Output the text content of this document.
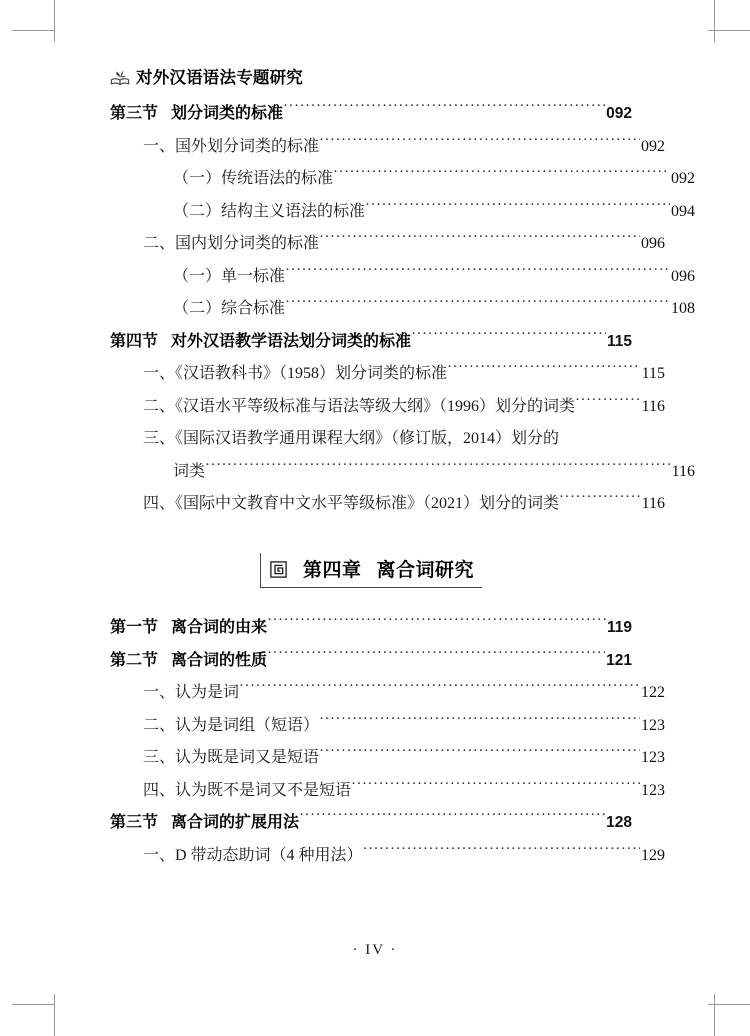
对外汉语语法专题研究
第三节 划分词类的标准 ·····	092
一、国外划分词类的标准 ·····	092
（一）传统语法的标准 ·····	092
（二）结构主义语法的标准 ·····	094
二、国内划分词类的标准 ·····	096
（一）单一标准 ·····	096
（二）综合标准 ·····	108
第四节 对外汉语教学语法划分词类的标准 ·····	115
一、《汉语教科书》（1958）划分词类的标准 ·····	115
二、《汉语水平等级标准与语法等级大纲》（1996）划分的词类 ·····	116
三、《国际汉语教学通用课程大纲》（修订版，2014）划分的
词类 ·····	116
四、《国际中文教育中文水平等级标准》（2021）划分的词类 ·····	116
第四章 离合词研究
第一节 离合词的由来 ·····	119
第二节 离合词的性质 ·····	121
一、认为是词 ·····	122
二、认为是词组（短语） ·····	123
三、认为既是词又是短语 ·····	123
四、认为既不是词又不是短语 ·····	123
第三节 离合词的扩展用法 ·····	128
一、D 带动态助词（4 种用法） ·····	129
· IV ·
